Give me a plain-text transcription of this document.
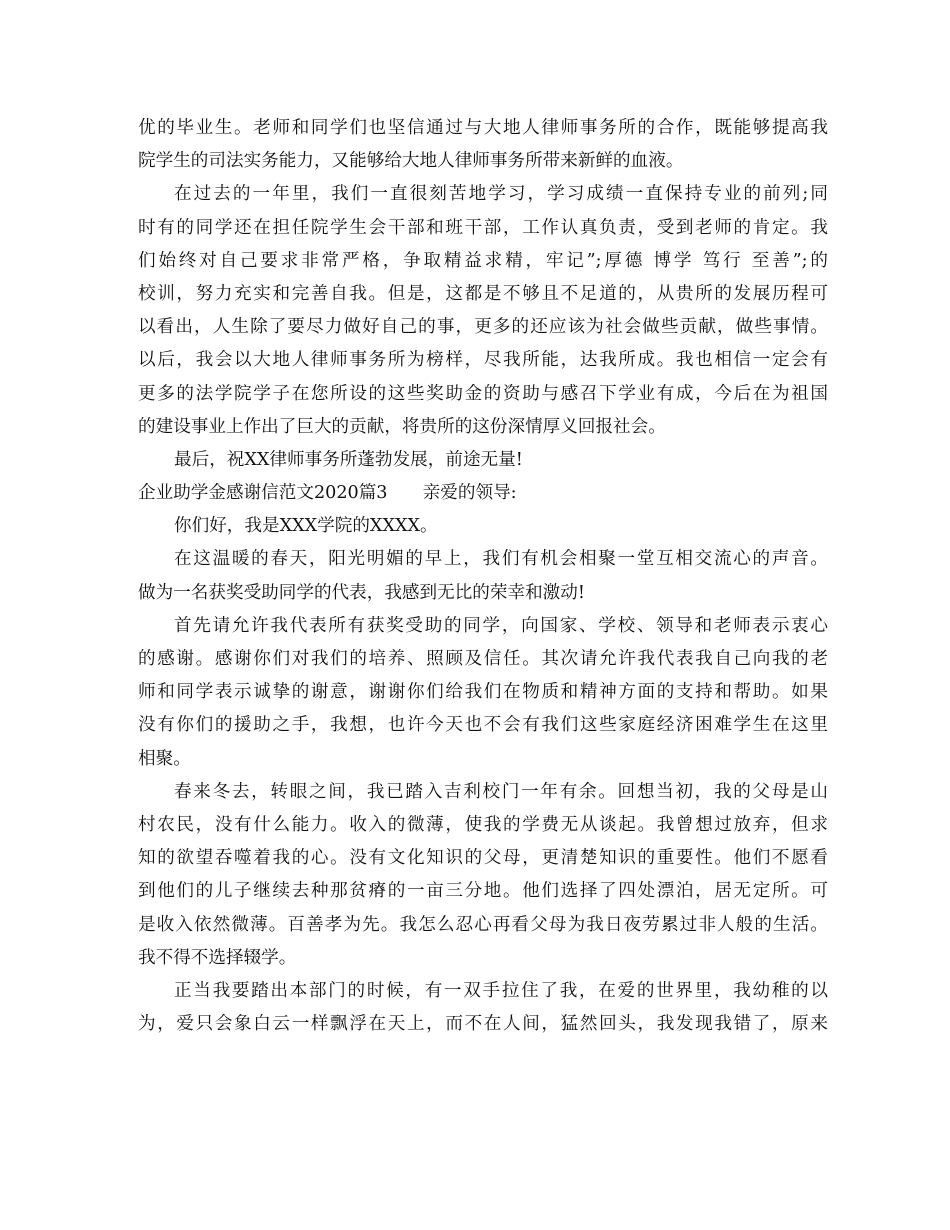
优的毕业生。老师和同学们也坚信通过与大地人律师事务所的合作，既能够提高我
院学生的司法实务能力，又能够给大地人律师事务所带来新鲜的血液。
在过去的一年里，我们一直很刻苦地学习，学习成绩一直保持专业的前列;同
时有的同学还在担任院学生会干部和班干部，工作认真负责，受到老师的肯定。我
们始终对自己要求非常严格，争取精益求精，牢记”;厚德 博学 笃行 至善”;的
校训，努力充实和完善自我。但是，这都是不够且不足道的，从贵所的发展历程可
以看出，人生除了要尽力做好自己的事，更多的还应该为社会做些贡献，做些事情。
以后，我会以大地人律师事务所为榜样，尽我所能，达我所成。我也相信一定会有
更多的法学院学子在您所设的这些奖助金的资助与感召下学业有成，今后在为祖国
的建设事业上作出了巨大的贡献，将贵所的这份深情厚义回报社会。
最后，祝XX律师事务所蓬勃发展，前途无量!
企业助学金感谢信范文2020篇3　　亲爱的领导:
你们好，我是XXX学院的XXXX。
在这温暖的春天，阳光明媚的早上，我们有机会相聚一堂互相交流心的声音。
做为一名获奖受助同学的代表，我感到无比的荣幸和激动!
首先请允许我代表所有获奖受助的同学，向国家、学校、领导和老师表示衷心
的感谢。感谢你们对我们的培养、照顾及信任。其次请允许我代表我自己向我的老
师和同学表示诚挚的谢意，谢谢你们给我们在物质和精神方面的支持和帮助。如果
没有你们的援助之手，我想，也许今天也不会有我们这些家庭经济困难学生在这里
相聚。
春来冬去，转眼之间，我已踏入吉利校门一年有余。回想当初，我的父母是山
村农民，没有什么能力。收入的微薄，使我的学费无从谈起。我曾想过放弃，但求
知的欲望吞噬着我的心。没有文化知识的父母，更清楚知识的重要性。他们不愿看
到他们的儿子继续去种那贫瘠的一亩三分地。他们选择了四处漂泊，居无定所。可
是收入依然微薄。百善孝为先。我怎么忍心再看父母为我日夜劳累过非人般的生活。
我不得不选择辍学。
正当我要踏出本部门的时候，有一双手拉住了我，在爱的世界里，我幼稚的以
为，爱只会象白云一样飘浮在天上，而不在人间，猛然回头，我发现我错了，原来
